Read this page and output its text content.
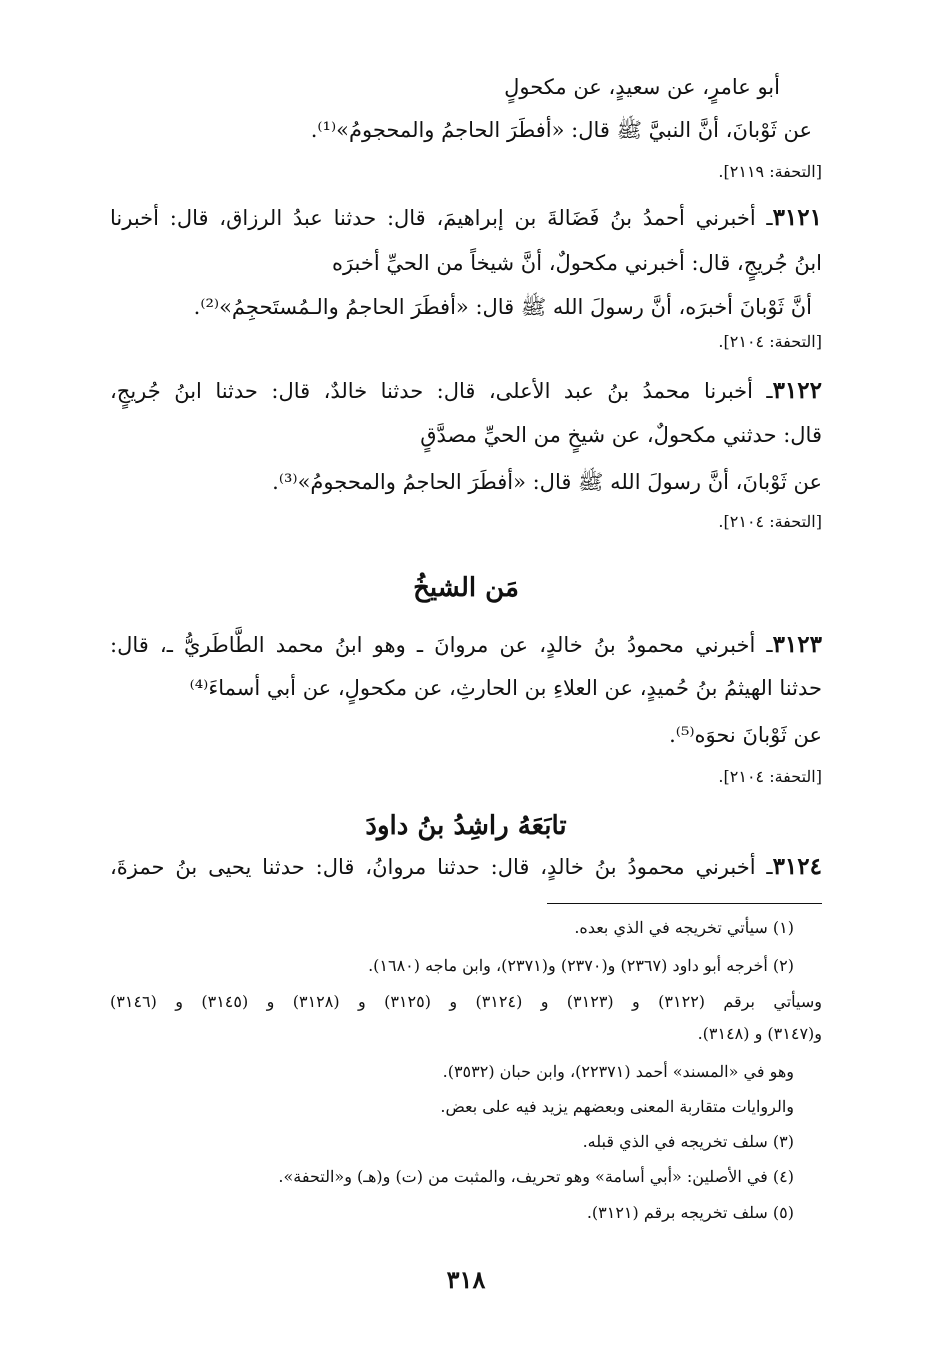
أبو عامرٍ، عن سعيدٍ، عن مكحولٍ
عن ثَوْبانَ، أنَّ النبيَّ ﷺ قال: «أفطَرَ الحاجمُ والمحجومُ»⁽¹⁾.
[التحفة: ٢١١٩].
٣١٢١ـ أخبرني أحمدُ بنُ فَضَالةَ بن إبراهيمَ، قال: حدثنا عبدُ الرزاق، قال: أخبرنا
ابنُ جُريجٍ، قال: أخبرني مكحولٌ، أنَّ شيخاً من الحيِّ أخبرَه
أنَّ ثَوْبانَ أخبرَه، أنَّ رسولَ الله ﷺ قال: «أفطَرَ الحاجمُ والـمُستَحجِمُ»⁽²⁾.
[التحفة: ٢١٠٤].
٣١٢٢ـ أخبرنا محمدُ بنُ عبد الأعلى، قال: حدثنا خالدٌ، قال: حدثنا ابنُ جُريجٍ،
قال: حدثني مكحولٌ، عن شيخٍ من الحيِّ مصدَّقٍ
عن ثَوْبانَ، أنَّ رسولَ الله ﷺ قال: «أفطَرَ الحاجمُ والمحجومُ»⁽³⁾.
[التحفة: ٢١٠٤].
مَن الشيخُ
٣١٢٣ـ أخبرني محمودُ بنُ خالدٍ، عن مروانَ ـ وهو ابنُ محمد الطَّاطَريُّ ـ، قال:
حدثنا الهيثمُ بنُ حُميدٍ، عن العلاءِ بن الحارثِ، عن مكحولٍ، عن أبي أسماءَ⁽⁴⁾
عن ثَوْبانَ نحوَه⁽⁵⁾.
[التحفة: ٢١٠٤].
تابَعَهُ راشِدُ بنُ داودَ
٣١٢٤ـ أخبرني محمودُ بنُ خالدٍ، قال: حدثنا مروانُ، قال: حدثنا يحيى بنُ حمزةَ،
(١) سيأتي تخريجه في الذي بعده.
(٢) أخرجه أبو داود (٢٣٦٧) و(٢٣٧٠) و(٢٣٧١)، وابن ماجه (١٦٨٠).
وسيأتي برقم (٣١٢٢) و (٣١٢٣) و (٣١٢٤) و (٣١٢٥) و (٣١٢٨) و (٣١٤٥) و (٣١٤٦)
و(٣١٤٧) و (٣١٤٨).
وهو في «المسند» أحمد (٢٢٣٧١)، وابن حبان (٣٥٣٢).
والروايات متقاربة المعنى وبعضهم يزيد فيه على بعض.
(٣) سلف تخريجه في الذي قبله.
(٤) في الأصلين: «أبي أسامة» وهو تحريف، والمثبت من (ت) و(هـ) و«التحفة».
(٥) سلف تخريجه برقم (٣١٢١).
٣١٨
